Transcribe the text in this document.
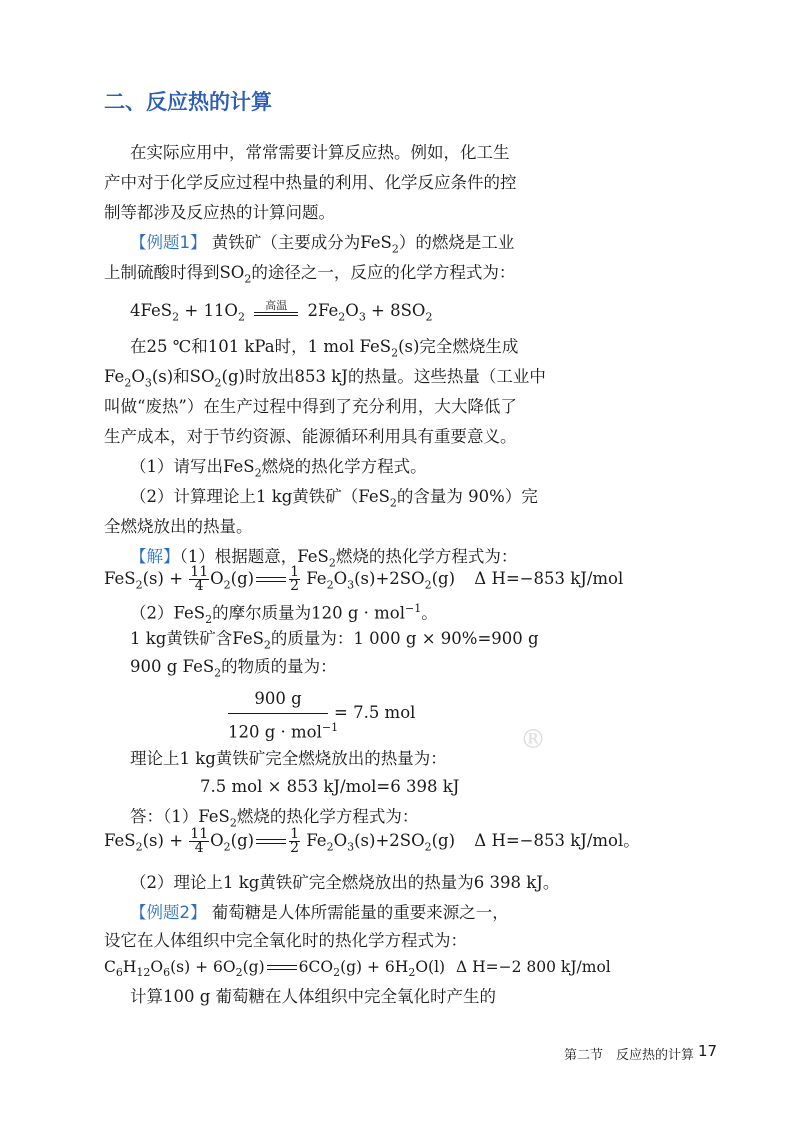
二、反应热的计算
在实际应用中，常常需要计算反应热。例如，化工生
产中对于化学反应过程中热量的利用、化学反应条件的控
制等都涉及反应热的计算问题。
【例题1】 黄铁矿（主要成分为FeS$_2$）的燃烧是工业
上制硫酸时得到$SO_2$的途径之一，反应的化学方程式为：
$4FeS_2 + 11O_2$
高温	$2Fe_2O_3 + 8SO_2$
在25 ℃和101 kPa时，1 mol FeS$_2$(s)完全燃烧生成
$Fe_2O_3(s)$和$SO_2(g)$时放出853 kJ的热量。这些热量（工业中
叫做“废热”）在生产过程中得到了充分利用，大大降低了
生产成本，对于节约资源、能源循环利用具有重要意义。
（1）请写出FeS$_2$燃烧的热化学方程式。
（2）计算理论上1 kg黄铁矿（FeS$_2$的含量为 90%）完
全燃烧放出的热量。
【解】（1）根据题意，FeS$_2$燃烧的热化学方程式为：
$FeS_2(s) + \frac{11}{4} O_2(g)$	$\frac{1}{2} Fe_2O_3(s)+2SO_2(g)$ Δ H=−853 kJ/mol
（2）FeS$_2$的摩尔质量为120 g · mol$^{-1}$。
1 kg黄铁矿含FeS$_2$的质量为：1 000 g × 90%=900 g
900 g FeS$_2$的物质的量为：
900 g
120 g · mol$^{-1}$
= 7.5 mol
理论上1 kg黄铁矿完全燃烧放出的热量为：
7.5 mol × 853 kJ/mol=6 398 kJ
答：（1）FeS$_2$燃烧的热化学方程式为：
$FeS_2(s) + \frac{11}{4} O_2(g)$	$\frac{1}{2} Fe_2O_3(s)+2SO_2(g)$ Δ H=−853 kJ/mol。
（2）理论上1 kg黄铁矿完全燃烧放出的热量为6 398 kJ。
【例题2】 葡萄糖是人体所需能量的重要来源之一，
设它在人体组织中完全氧化时的热化学方程式为：
$C_6H_{12}O_6(s) + 6O_2(g) 6CO_2(g) + 6H_2O(l)$ Δ H=−2 800 kJ/mol
计算100 g 葡萄糖在人体组织中完全氧化时产生的
®
第二节　反应热的计算 17
